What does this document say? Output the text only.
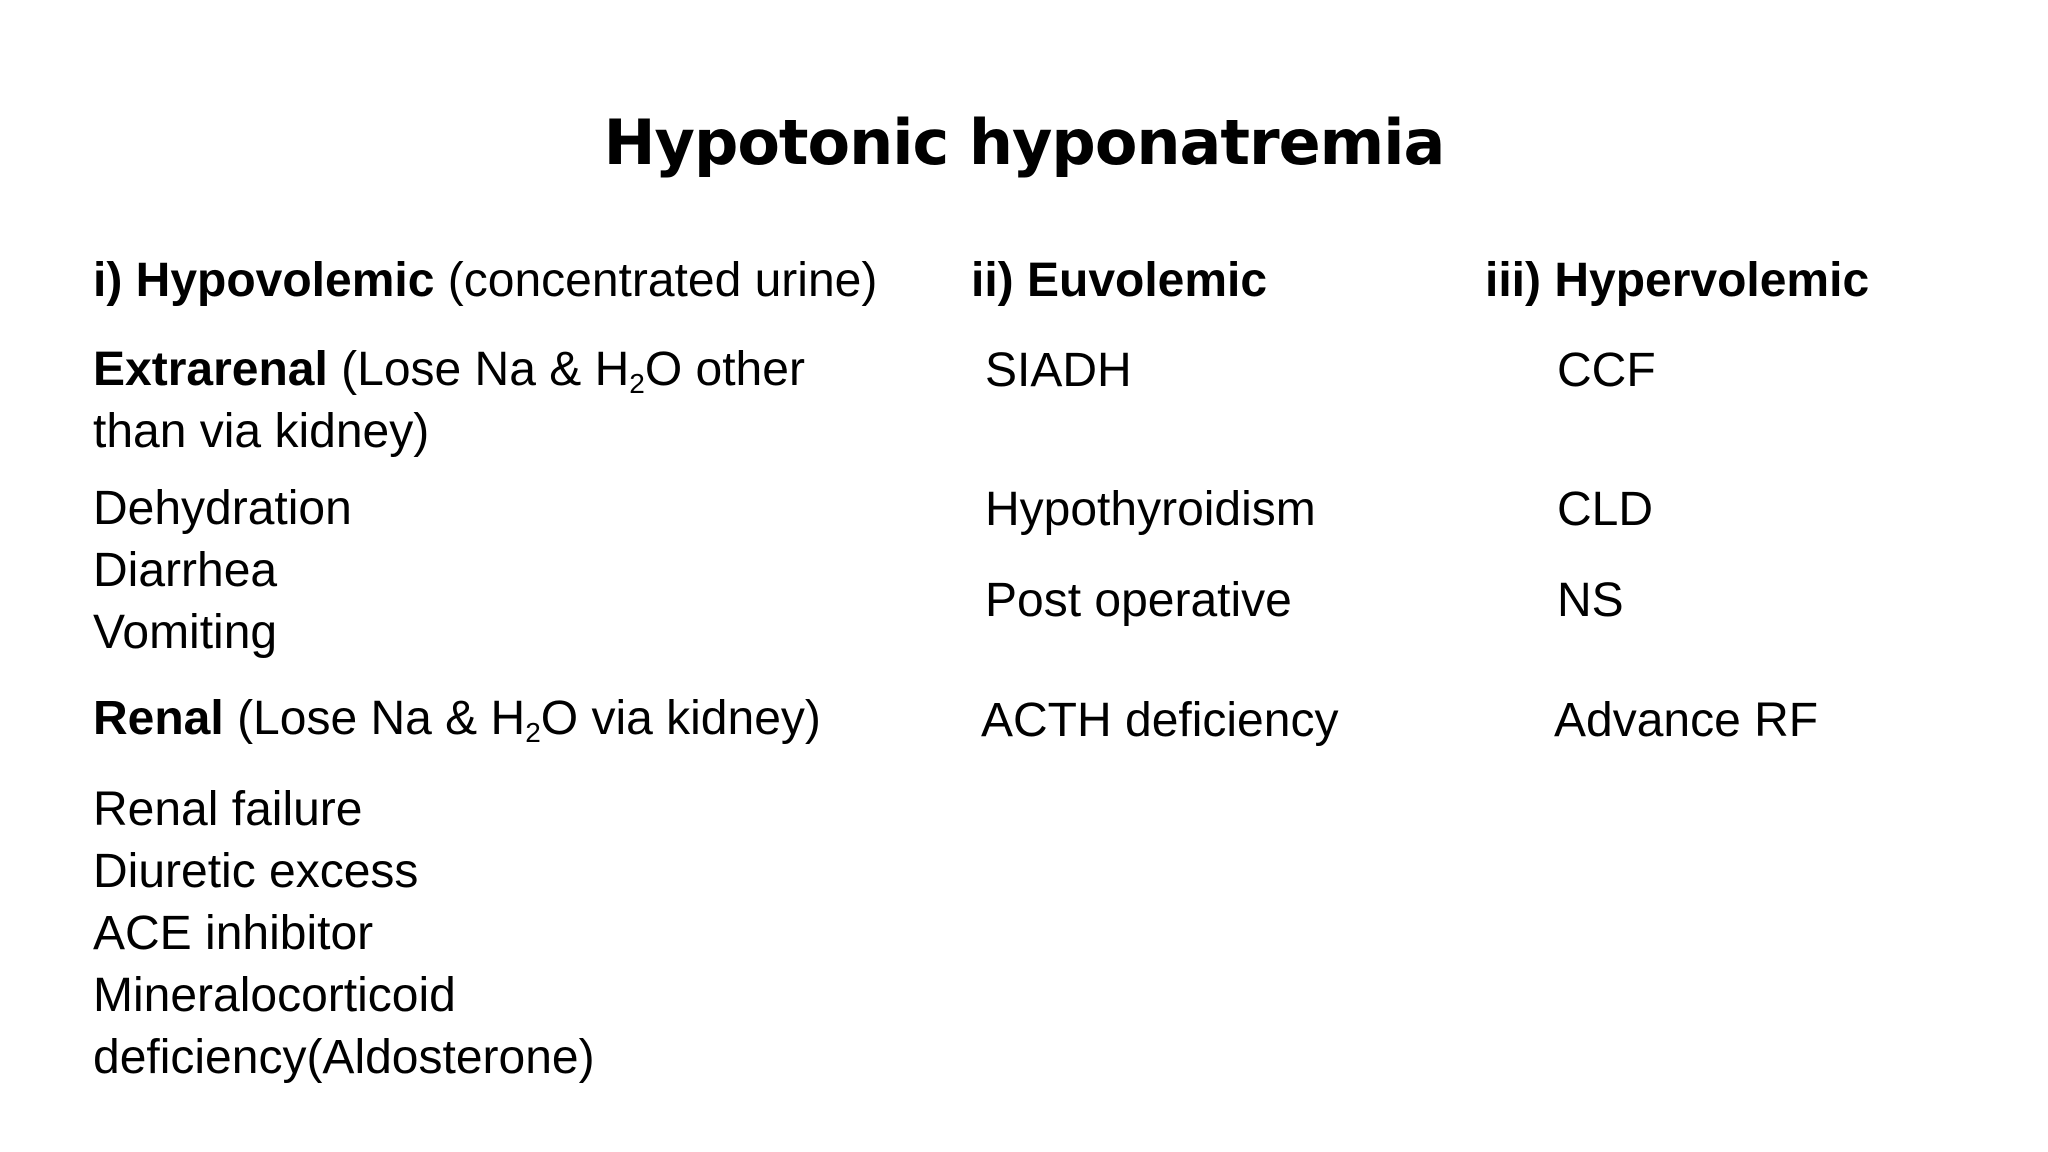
Hypotonic hyponatremia
i) Hypovolemic (concentrated urine) ii) Euvolemic	iii) Hypervolemic
Extrarenal (Lose Na & $H_2O$ other
than via kidney)
Dehydration
Diarrhea
Vomiting
Renal (Lose Na & $H_2O$ via kidney)
Renal failure
Diuretic excess
ACE inhibitor
Mineralocorticoid
deficiency(Aldosterone)
SIADH
Hypothyroidism
Post operative
ACTH deficiency
CCF
CLD
NS
Advance RF
